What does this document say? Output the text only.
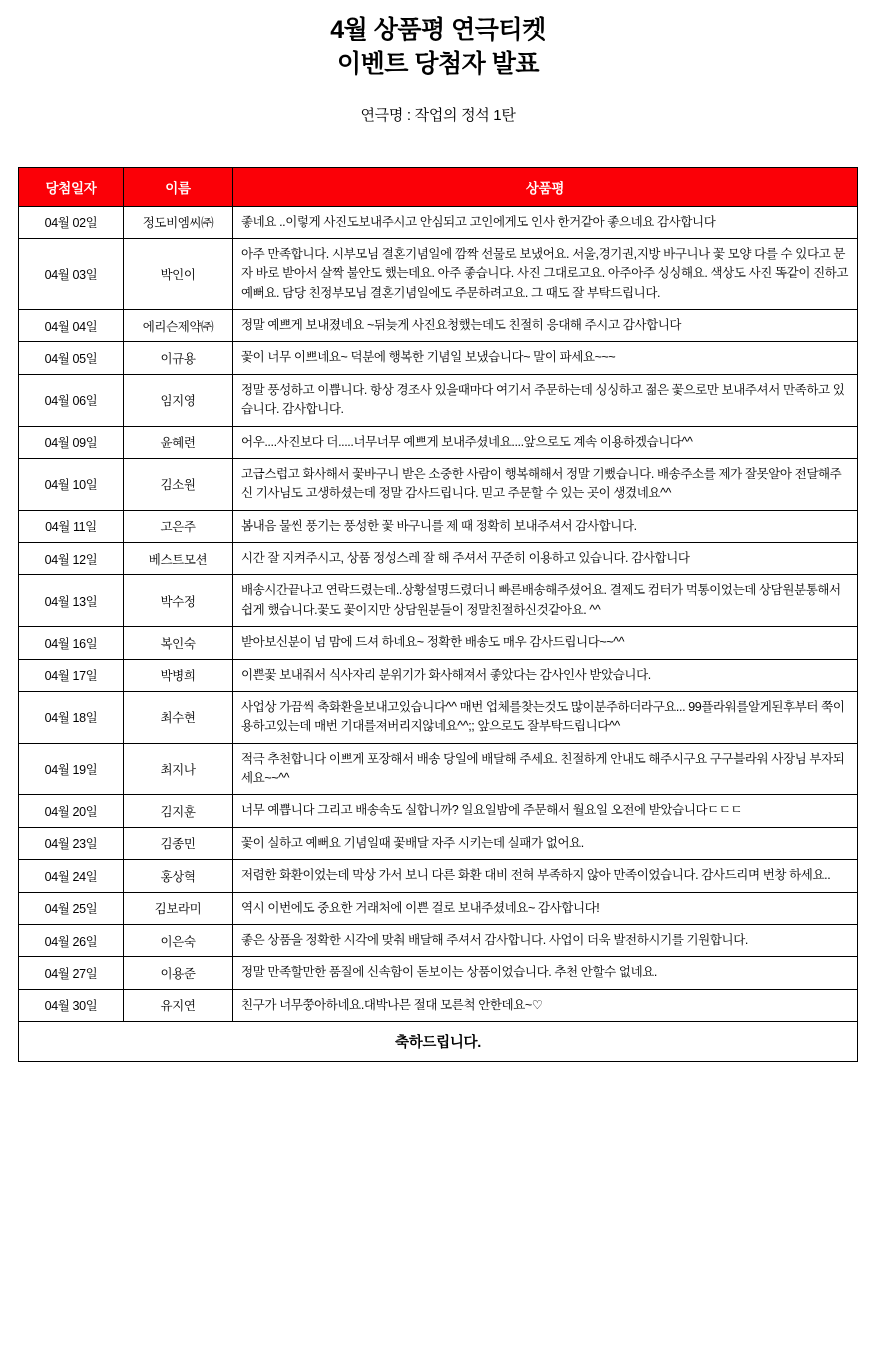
4월 상품평 연극티켓
이벤트 당첨자 발표
연극명 : 작업의 정석 1탄
당첨일자	이름	상품평
04월 02일	정도비엠씨㈜	좋네요 ..이렇게 사진도보내주시고 안심되고 고인에게도 인사 한거같아 좋으네요 감사합니다
04월 03일	박인이	아주 만족합니다. 시부모님 결혼기념일에 깜짝 선물로 보냈어요. 서울,경기권,지방 바구니나 꽃 모양 다를 수 있다고 문자 바로 받아서 살짝 불안도 했는데요. 아주 좋습니다. 사진 그대로고요. 아주아주 싱싱해요. 색상도 사진 똑같이 진하고 예뻐요. 담당 친정부모님 결혼기념일에도 주문하려고요. 그 때도 잘 부탁드립니다.
04월 04일	에리슨제약㈜	정말 예쁘게 보내졌네요 ~뒤늦게 사진요청했는데도 친절히 응대해 주시고 감사합니다
04월 05일	이규용	꽃이 너무 이쁘네요~ 덕분에 행복한 기념일 보냈습니다~ 말이 파세요~~~
04월 06일	임지영	정말 풍성하고 이쁩니다. 항상 경조사 있을때마다 여기서 주문하는데 싱싱하고 젊은 꽃으로만 보내주셔서 만족하고 있습니다. 감사합니다.
04월 09일	윤혜련	어우....사진보다 더.....너무너무 예쁘게 보내주셨네요....앞으로도 계속 이용하겠습니다^^
04월 10일	김소원	고급스럽고 화사해서 꽃바구니 받은 소중한 사람이 행복해해서 정말 기뻤습니다. 배송주소를 제가 잘못알아 전달해주신 기사님도 고생하셨는데 정말 감사드립니다. 믿고 주문할 수 있는 곳이 생겼네요^^
04월 11일	고은주	봄내음 물씬 풍기는 풍성한 꽃 바구니를 제 때 정확히 보내주셔서 감사합니다.
04월 12일	베스트모션	시간 잘 지켜주시고, 상품 정성스레 잘 해 주셔서 꾸준히 이용하고 있습니다. 감사합니다
04월 13일	박수정	배송시간끝나고 연락드렸는데..상황설명드렸더니 빠른배송해주셨어요. 결제도 컴터가 먹통이었는데 상담원분통해서 쉽게 했습니다.꽃도 꽃이지만 상담원분들이 정말친절하신것같아요. ^^
04월 16일	복인숙	받아보신분이 넘 맘에 드셔 하네요~ 정확한 배송도 매우 감사드립니다~~^^
04월 17일	박병희	이쁜꽃 보내줘서 식사자리 분위기가 화사해져서 좋았다는 감사인사 받았습니다.
04월 18일	최수현	사업상 가끔씩 축화환을보내고있습니다^^ 매번 업체를찾는것도 많이분주하더라구요... 99플라워를알게된후부터 쭉이용하고있는데 매번 기대를져버리지않네요^^;; 앞으로도 잘부탁드립니다^^
04월 19일	최지나	적극 추천합니다 이쁘게 포장해서 배송 당일에 배달해 주세요. 친절하게 안내도 해주시구요 구구블라워 사장님 부자되세요~~^^
04월 20일	김지훈	너무 예쁩니다 그리고 배송속도 실합니까? 일요일밤에 주문해서 월요일 오전에 받았습니다ㄷㄷㄷ
04월 23일	김종민	꽃이 실하고 예뻐요 기념일때 꽃배달 자주 시키는데 실패가 없어요.
04월 24일	홍상혁	저렴한 화환이었는데 막상 가서 보니 다른 화환 대비 전혀 부족하지 않아 만족이었습니다. 감사드리며 번창 하세요..
04월 25일	김보라미	역시 이번에도 중요한 거래처에 이쁜 걸로 보내주셨네요~ 감사합니다!
04월 26일	이은숙	좋은 상품을 정확한 시각에 맞춰 배달해 주셔서 감사합니다. 사업이 더욱 발전하시기를 기원합니다.
04월 27일	이용준	정말 만족할만한 품질에 신속함이 돋보이는 상품이었습니다. 추천 안할수 없네요.
04월 30일	유지연	친구가 너무쭝아하네요.대박나믄 절대 모른척 안한데요~♡
축하드립니다.		
